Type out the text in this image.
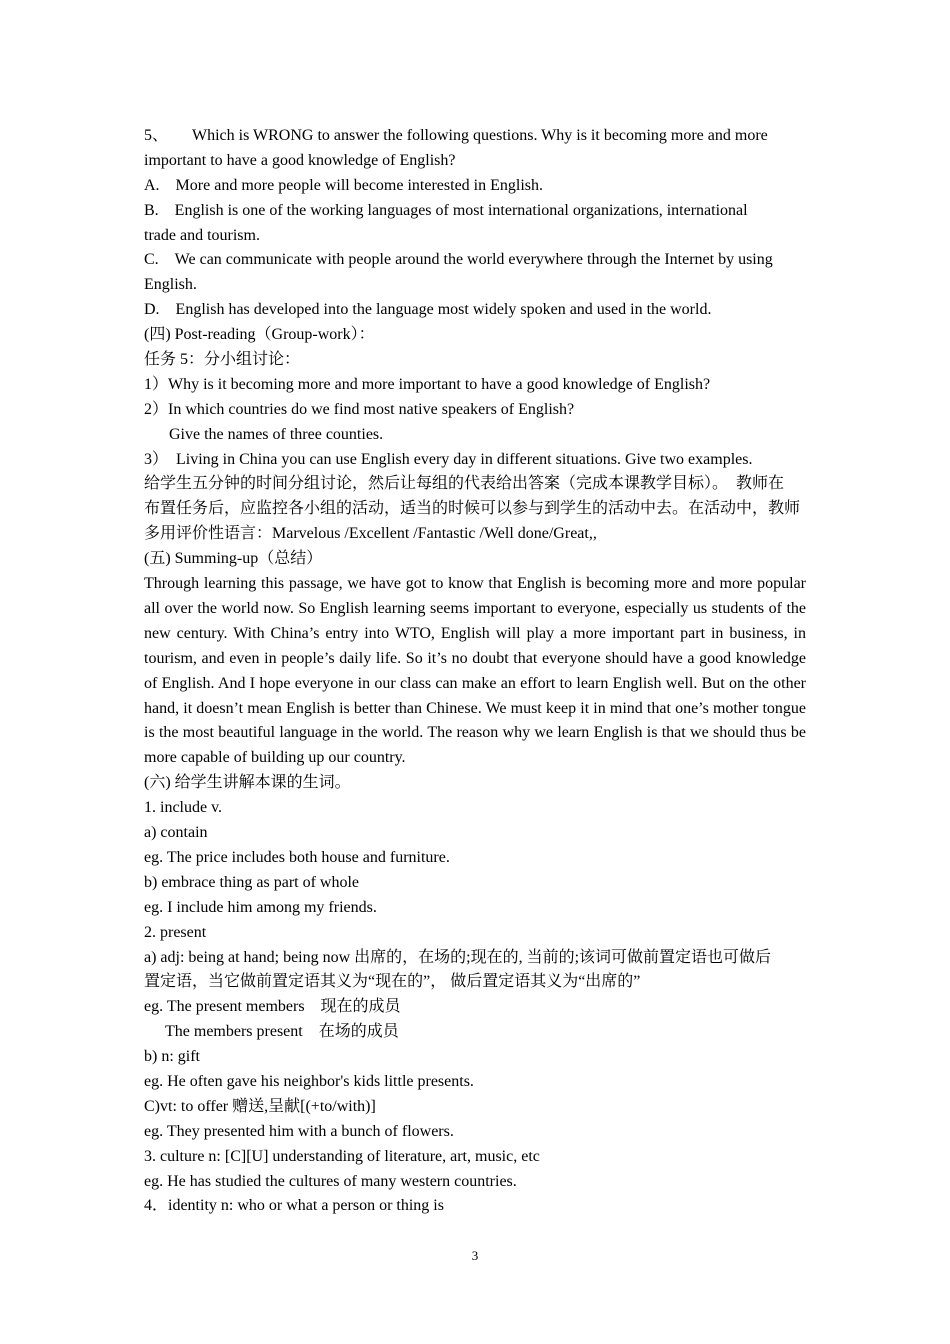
5、　　Which is WRONG to answer the following questions. Why is it becoming more and more

important to have a good knowledge of English?

A.　More and more people will become interested in English.

B.　English is one of the working languages of most international organizations, international

trade and tourism.

C.　We can communicate with people around the world everywhere through the Internet by using

English.

D.　English has developed into the language most widely spoken and used in the world.

(四) Post-reading（Group-work）：

任务 5：分小组讨论：

1）Why is it becoming more and more important to have a good knowledge of English?

2）In which countries do we find most native speakers of English?

Give the names of three counties.

3）　Living in China you can use English every day in different situations. Give two examples.

给学生五分钟的时间分组讨论，然后让每组的代表给出答案（完成本课教学目标）。　教师在

布置任务后，应监控各小组的活动，适当的时候可以参与到学生的活动中去。在活动中，教师

多用评价性语言：Marvelous /Excellent /Fantastic /Well done/Great,,

(五) Summing-up（总结）

Through learning this passage, we have got to know that English is becoming more and more popular all over the world now. So English learning seems important to everyone, especially us students of the new century. With China’s entry into WTO, English will play a more important part in business, in tourism, and even in people’s daily life. So it’s no doubt that everyone should have a good knowledge of English. And I hope everyone in our class can make an effort to learn English well. But on the other hand, it doesn’t mean English is better than Chinese. We must keep it in mind that one’s mother tongue is the most beautiful language in the world. The reason why we learn English is that we should thus be more capable of building up our country.

(六) 给学生讲解本课的生词。

1. include v.

a) contain

eg. The price includes both house and furniture.

b) embrace thing as part of whole

eg. I include him among my friends.

2. present

a) adj: being at hand; being now 出席的，在场的;现在的, 当前的;该词可做前置定语也可做后

置定语，当它做前置定语其义为“现在的”， 做后置定语其义为“出席的”

eg. The present members　现在的成员

The members present　在场的成员

b) n: gift

eg. He often gave his neighbor's kids little presents.

C)vt: to offer 赠送,呈献[(+to/with)]

eg. They presented him with a bunch of flowers.

3. culture n: [C][U] understanding of literature, art, music, etc

eg. He has studied the cultures of many western countries.

4．identity n: who or what a person or thing is

3
